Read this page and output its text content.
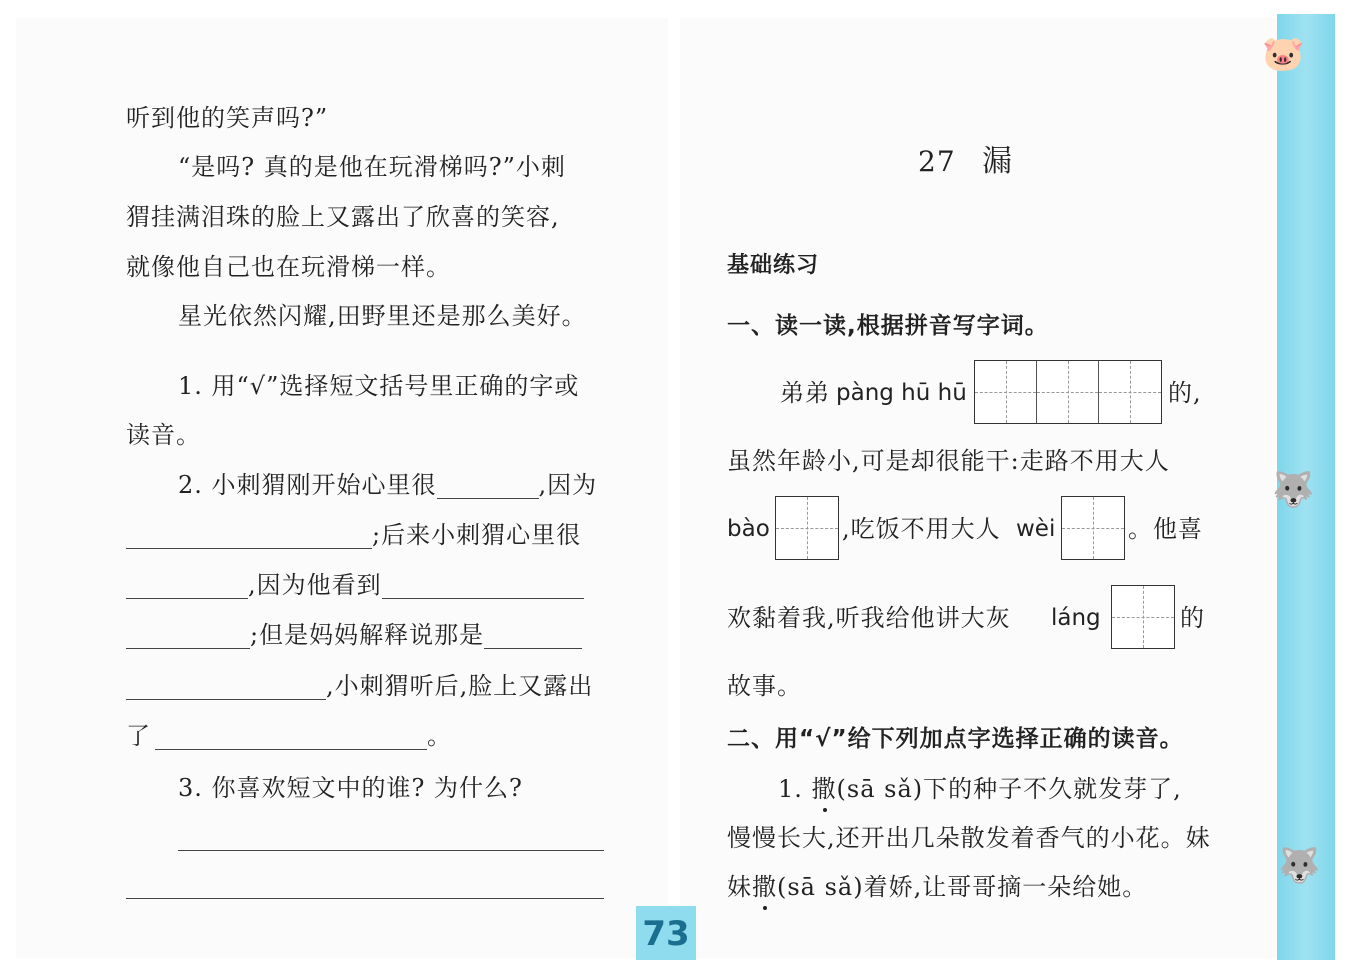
听到他的笑声吗?”
“是吗? 真的是他在玩滑梯吗?”小刺
猬挂满泪珠的脸上又露出了欣喜的笑容,
就像他自己也在玩滑梯一样。
星光依然闪耀,田野里还是那么美好。
1. 用“√”选择短文括号里正确的字或
读音。
2. 小刺猬刚开始心里很	,因为
;后来小刺猬心里很
,因为他看到
;但是妈妈解释说那是
,小刺猬听后,脸上又露出
了	。
3. 你喜欢短文中的谁? 为什么?
27 漏
基础练习
一、读一读,根据拼音写字词。
弟弟 pàng hū hū	的,
虽然年龄小,可是却很能干:走路不用大人
bào	,吃饭不用大人 wèi	。他喜
欢黏着我,听我给他讲大灰 láng	的
故事。
二、用“√”给下列加点字选择正确的读音。
1. 撒(sā sǎ)下的种子不久就发芽了,
慢慢长大,还开出几朵散发着香气的小花。妹
妹撒(sā sǎ)着娇,让哥哥摘一朵给她。
🐷
🐺
🐺
73
